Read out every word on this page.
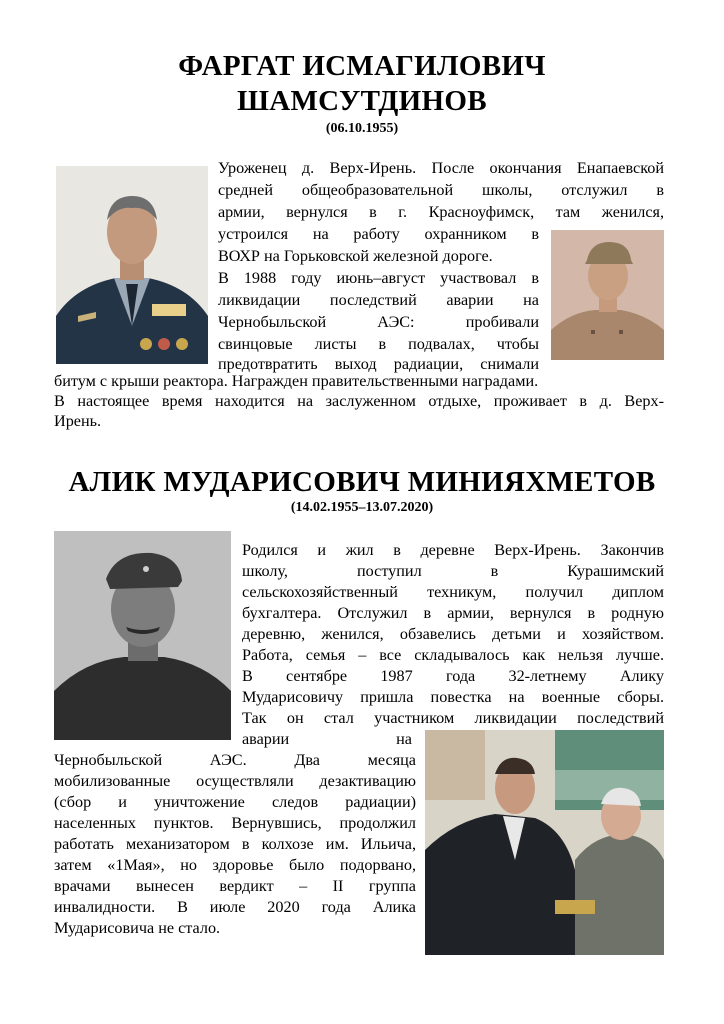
ФАРГАТ ИСМАГИЛОВИЧ
ШАМСУТДИНОВ
(06.10.1955)
Уроженец д. Верх-Ирень. После окончания Енапаевской
средней общеобразовательной школы, отслужил в
армии, вернулся в г. Красноуфимск, там женился,
устроился на работу охранником в
ВОХР на Горьковской железной дороге.
В 1988 году июнь–август участвовал в
ликвидации последствий аварии на
Чернобыльской АЭС: пробивали
свинцовые листы в подвалах, чтобы
предотвратить выход радиации, снимали
битум с крыши реактора. Награжден правительственными наградами.
В настоящее время находится на заслуженном отдыхе, проживает в д. Верх-
Ирень.
АЛИК МУДАРИСОВИЧ МИНИЯХМЕТОВ
(14.02.1955–13.07.2020)
Родился и жил в деревне Верх-Ирень. Закончив
школу, поступил в Курашимский
сельскохозяйственный техникум, получил диплом
бухгалтера. Отслужил в армии, вернулся в родную
деревню, женился, обзавелись детьми и хозяйством.
Работа, семья – все складывалось как нельзя лучше.
В сентябре 1987 года 32-летнему Алику
Мударисовичу пришла повестка на военные сборы.
Так он стал участником ликвидации последствий
аварии на
Чернобыльской АЭС. Два месяца
мобилизованные осуществляли дезактивацию
(сбор и уничтожение следов радиации)
населенных пунктов. Вернувшись, продолжил
работать механизатором в колхозе им. Ильича,
затем «1Мая», но здоровье было подорвано,
врачами вынесен вердикт – II группа
инвалидности. В июле 2020 года Алика
Мударисовича не стало.
